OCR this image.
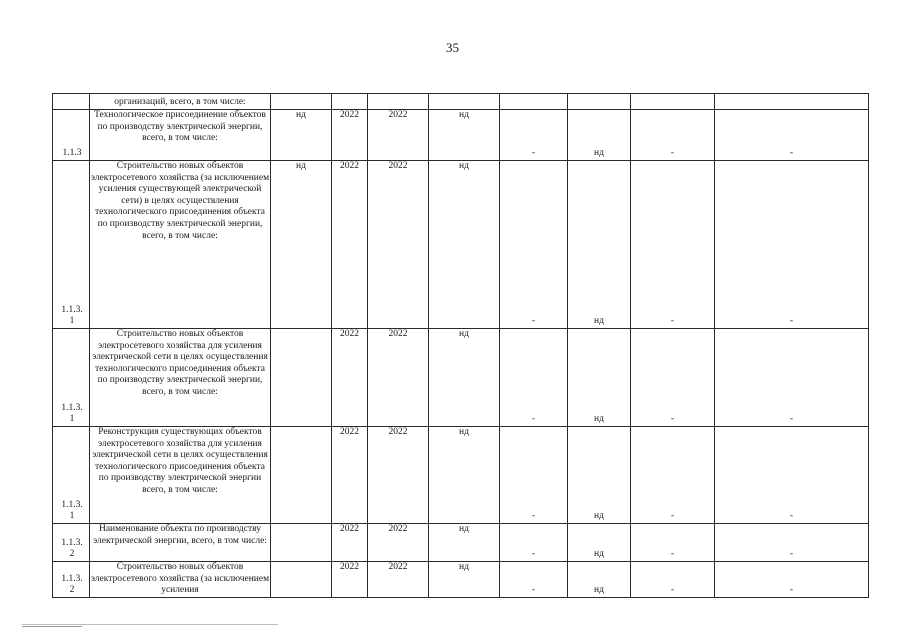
35
	организаций, всего, в том числе:								

1.1.3	Технологическое присоединение объектов по производству электрической энергии, всего, в том числе:	нд	2022	2022	нд	-	нд	-	-

1.1.3.
1	Строительство новых объектов электросетевого хозяйства (за исключением усиления существующей электрической сети) в целях осуществления технологического присоединения объекта по производству электрической энергии, всего, в том числе:	нд	2022	2022	нд	-	нд	-	-

1.1.3.
1	Строительство новых объектов электросетевого хозяйства для усиления электрической сети в целях осуществления технологического присоединения объекта по производству электрической энергии, всего, в том числе:		2022	2022	нд	-	нд	-	-

1.1.3.
1	Реконструкция существующих объектов электросетевого хозяйства для усиления электрической сети в целях осуществления технологического присоединения объекта по производству электрической энергии всего, в том числе:		2022	2022	нд	-	нд	-	-

1.1.3.
2	Наименование объекта по производству электрической энергии, всего, в том числе:		2022	2022	нд	-	нд	-	-

1.1.3.
2	Строительство новых объектов электросетевого хозяйства (за исключением усиления		2022	2022	нд	-	нд	-	-
